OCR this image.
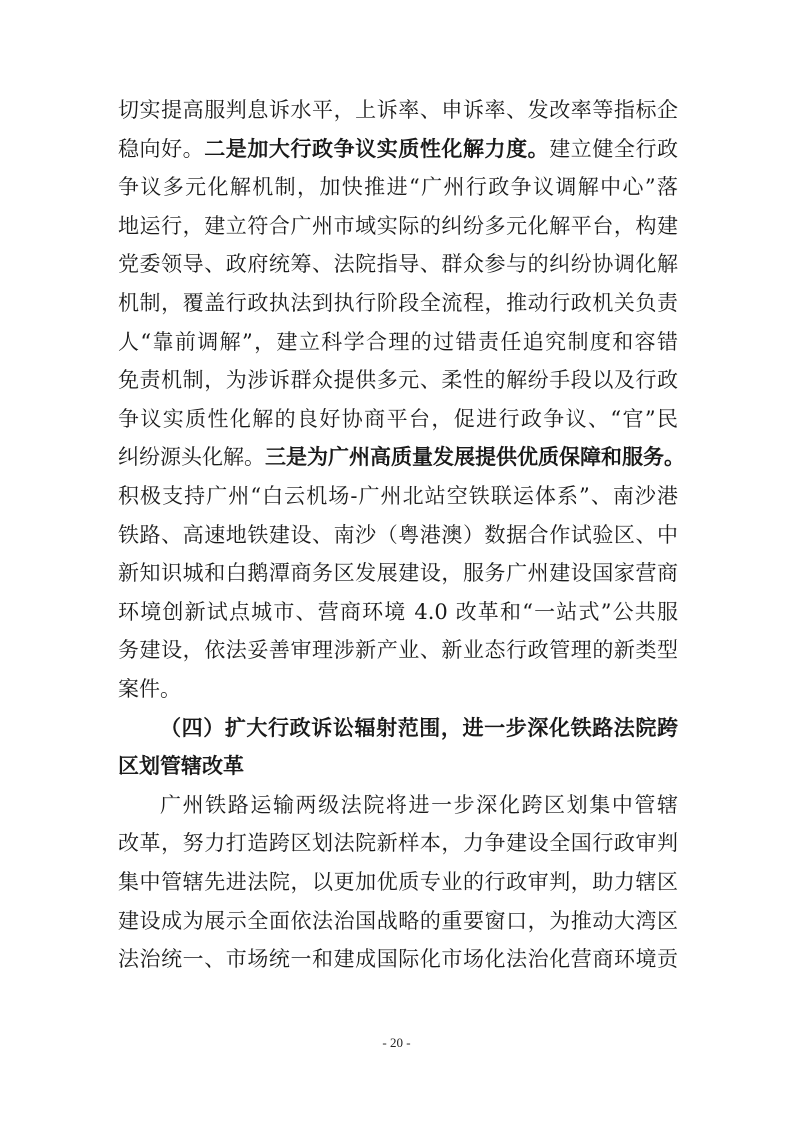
切实提高服判息诉水平，上诉率、申诉率、发改率等指标企
稳向好。二是加大行政争议实质性化解力度。建立健全行政
争议多元化解机制，加快推进“广州行政争议调解中心”落
地运行，建立符合广州市域实际的纠纷多元化解平台，构建
党委领导、政府统筹、法院指导、群众参与的纠纷协调化解
机制，覆盖行政执法到执行阶段全流程，推动行政机关负责
人“靠前调解”，建立科学合理的过错责任追究制度和容错
免责机制，为涉诉群众提供多元、柔性的解纷手段以及行政
争议实质性化解的良好协商平台，促进行政争议、“官”民
纠纷源头化解。三是为广州高质量发展提供优质保障和服务。
积极支持广州“白云机场-广州北站空铁联运体系”、南沙港
铁路、高速地铁建设、南沙（粤港澳）数据合作试验区、中
新知识城和白鹅潭商务区发展建设，服务广州建设国家营商
环境创新试点城市、营商环境 4.0 改革和“一站式”公共服
务建设，依法妥善审理涉新产业、新业态行政管理的新类型
案件。
（四）扩大行政诉讼辐射范围，进一步深化铁路法院跨
区划管辖改革
广州铁路运输两级法院将进一步深化跨区划集中管辖
改革，努力打造跨区划法院新样本，力争建设全国行政审判
集中管辖先进法院，以更加优质专业的行政审判，助力辖区
建设成为展示全面依法治国战略的重要窗口，为推动大湾区
法治统一、市场统一和建成国际化市场化法治化营商环境贡
- 20 -
